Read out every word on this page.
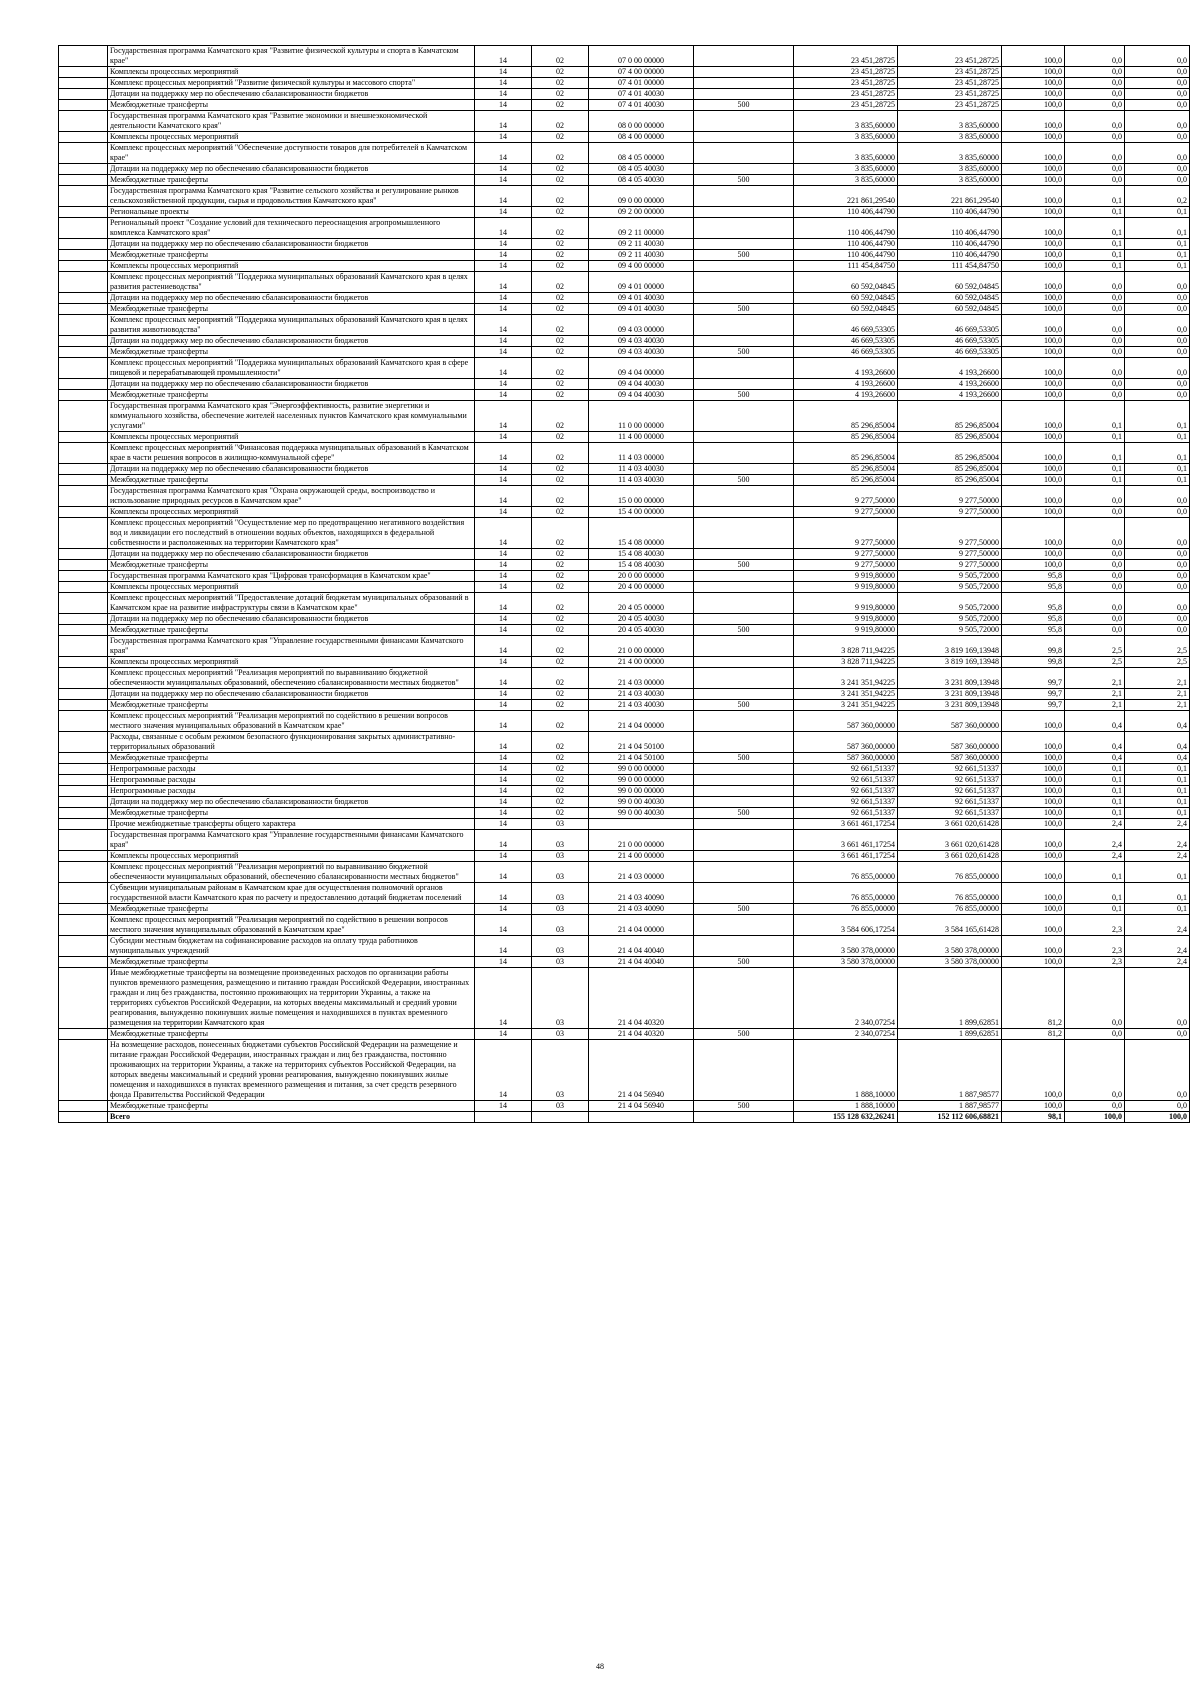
	Государственная программа Камчатского края "Развитие физической культуры и спорта в Камчатском крае"	14	02	07 0 00 00000		23 451,28725	23 451,28725	100,0	0,0	0,0
	Комплексы процессных мероприятий	14	02	07 4 00 00000		23 451,28725	23 451,28725	100,0	0,0	0,0
	Комплекс процессных мероприятий "Развитие физической культуры и массового спорта"	14	02	07 4 01 00000		23 451,28725	23 451,28725	100,0	0,0	0,0
	Дотации на поддержку мер по обеспечению сбалансированности бюджетов	14	02	07 4 01 40030		23 451,28725	23 451,28725	100,0	0,0	0,0
	Межбюджетные трансферты	14	02	07 4 01 40030	500	23 451,28725	23 451,28725	100,0	0,0	0,0
	Государственная программа Камчатского края "Развитие экономики и внешнеэкономической деятельности Камчатского края"	14	02	08 0 00 00000		3 835,60000	3 835,60000	100,0	0,0	0,0
	Комплексы процессных мероприятий	14	02	08 4 00 00000		3 835,60000	3 835,60000	100,0	0,0	0,0
	Комплекс процессных мероприятий "Обеспечение доступности товаров для потребителей в Камчатском крае"	14	02	08 4 05 00000		3 835,60000	3 835,60000	100,0	0,0	0,0
	Дотации на поддержку мер по обеспечению сбалансированности бюджетов	14	02	08 4 05 40030		3 835,60000	3 835,60000	100,0	0,0	0,0
	Межбюджетные трансферты	14	02	08 4 05 40030	500	3 835,60000	3 835,60000	100,0	0,0	0,0
	Государственная программа Камчатского края "Развитие сельского хозяйства и регулирование рынков сельскохозяйственной продукции, сырья и продовольствия Камчатского края"	14	02	09 0 00 00000		221 861,29540	221 861,29540	100,0	0,1	0,2
	Региональные проекты	14	02	09 2 00 00000		110 406,44790	110 406,44790	100,0	0,1	0,1
	Региональный проект "Создание условий для технического переоснащения агропромышленного комплекса Камчатского края"	14	02	09 2 11 00000		110 406,44790	110 406,44790	100,0	0,1	0,1
	Дотации на поддержку мер по обеспечению сбалансированности бюджетов	14	02	09 2 11 40030		110 406,44790	110 406,44790	100,0	0,1	0,1
	Межбюджетные трансферты	14	02	09 2 11 40030	500	110 406,44790	110 406,44790	100,0	0,1	0,1
	Комплексы процессных мероприятий	14	02	09 4 00 00000		111 454,84750	111 454,84750	100,0	0,1	0,1
	Комплекс процессных мероприятий "Поддержка муниципальных образований Камчатского края в целях развития растениеводства"	14	02	09 4 01 00000		60 592,04845	60 592,04845	100,0	0,0	0,0
	Дотации на поддержку мер по обеспечению сбалансированности бюджетов	14	02	09 4 01 40030		60 592,04845	60 592,04845	100,0	0,0	0,0
	Межбюджетные трансферты	14	02	09 4 01 40030	500	60 592,04845	60 592,04845	100,0	0,0	0,0
	Комплекс процессных мероприятий "Поддержка муниципальных образований Камчатского края в целях развития животноводства"	14	02	09 4 03 00000		46 669,53305	46 669,53305	100,0	0,0	0,0
	Дотации на поддержку мер по обеспечению сбалансированности бюджетов	14	02	09 4 03 40030		46 669,53305	46 669,53305	100,0	0,0	0,0
	Межбюджетные трансферты	14	02	09 4 03 40030	500	46 669,53305	46 669,53305	100,0	0,0	0,0
	Комплекс процессных мероприятий "Поддержка муниципальных образований Камчатского края в сфере пищевой и перерабатывающей промышленности"	14	02	09 4 04 00000		4 193,26600	4 193,26600	100,0	0,0	0,0
	Дотации на поддержку мер по обеспечению сбалансированности бюджетов	14	02	09 4 04 40030		4 193,26600	4 193,26600	100,0	0,0	0,0
	Межбюджетные трансферты	14	02	09 4 04 40030	500	4 193,26600	4 193,26600	100,0	0,0	0,0
	Государственная программа Камчатского края "Энергоэффективность, развитие энергетики и коммунального хозяйства, обеспечение жителей населенных пунктов Камчатского края коммунальными услугами"	14	02	11 0 00 00000		85 296,85004	85 296,85004	100,0	0,1	0,1
	Комплексы процессных мероприятий	14	02	11 4 00 00000		85 296,85004	85 296,85004	100,0	0,1	0,1
	Комплекс процессных мероприятий "Финансовая поддержка муниципальных образований в Камчатском крае в части решения вопросов в жилищно-коммунальной сфере"	14	02	11 4 03 00000		85 296,85004	85 296,85004	100,0	0,1	0,1
	Дотации на поддержку мер по обеспечению сбалансированности бюджетов	14	02	11 4 03 40030		85 296,85004	85 296,85004	100,0	0,1	0,1
	Межбюджетные трансферты	14	02	11 4 03 40030	500	85 296,85004	85 296,85004	100,0	0,1	0,1
	Государственная программа Камчатского края "Охрана окружающей среды, воспроизводство и использование природных ресурсов в Камчатском крае"	14	02	15 0 00 00000		9 277,50000	9 277,50000	100,0	0,0	0,0
	Комплексы процессных мероприятий	14	02	15 4 00 00000		9 277,50000	9 277,50000	100,0	0,0	0,0
	Комплекс процессных мероприятий "Осуществление мер по предотвращению негативного воздействия вод и ликвидации его последствий в отношении водных объектов, находящихся в федеральной собственности и расположенных на территории Камчатского края"	14	02	15 4 08 00000		9 277,50000	9 277,50000	100,0	0,0	0,0
	Дотации на поддержку мер по обеспечению сбалансированности бюджетов	14	02	15 4 08 40030		9 277,50000	9 277,50000	100,0	0,0	0,0
	Межбюджетные трансферты	14	02	15 4 08 40030	500	9 277,50000	9 277,50000	100,0	0,0	0,0
	Государственная программа Камчатского края "Цифровая трансформация в Камчатском крае"	14	02	20 0 00 00000		9 919,80000	9 505,72000	95,8	0,0	0,0
	Комплексы процессных мероприятий	14	02	20 4 00 00000		9 919,80000	9 505,72000	95,8	0,0	0,0
	Комплекс процессных мероприятий "Предоставление дотаций бюджетам муниципальных образований в Камчатском крае на развитие инфраструктуры связи в Камчатском крае"	14	02	20 4 05 00000		9 919,80000	9 505,72000	95,8	0,0	0,0
	Дотации на поддержку мер по обеспечению сбалансированности бюджетов	14	02	20 4 05 40030		9 919,80000	9 505,72000	95,8	0,0	0,0
	Межбюджетные трансферты	14	02	20 4 05 40030	500	9 919,80000	9 505,72000	95,8	0,0	0,0
	Государственная программа Камчатского края "Управление государственными финансами Камчатского края"	14	02	21 0 00 00000		3 828 711,94225	3 819 169,13948	99,8	2,5	2,5
	Комплексы процессных мероприятий	14	02	21 4 00 00000		3 828 711,94225	3 819 169,13948	99,8	2,5	2,5
	Комплекс процессных мероприятий "Реализация мероприятий по выравниванию бюджетной обеспеченности муниципальных образований, обеспечению сбалансированности местных бюджетов"	14	02	21 4 03 00000		3 241 351,94225	3 231 809,13948	99,7	2,1	2,1
	Дотации на поддержку мер по обеспечению сбалансированности бюджетов	14	02	21 4 03 40030		3 241 351,94225	3 231 809,13948	99,7	2,1	2,1
	Межбюджетные трансферты	14	02	21 4 03 40030	500	3 241 351,94225	3 231 809,13948	99,7	2,1	2,1
	Комплекс процессных мероприятий "Реализация мероприятий по содействию в решении вопросов местного значения муниципальных образований в Камчатском крае"	14	02	21 4 04 00000		587 360,00000	587 360,00000	100,0	0,4	0,4
	Расходы, связанные с особым режимом безопасного функционирования закрытых административно-территориальных образований	14	02	21 4 04 50100		587 360,00000	587 360,00000	100,0	0,4	0,4
	Межбюджетные трансферты	14	02	21 4 04 50100	500	587 360,00000	587 360,00000	100,0	0,4	0,4
	Непрограммные расходы	14	02	99 0 00 00000		92 661,51337	92 661,51337	100,0	0,1	0,1
	Непрограммные расходы	14	02	99 0 00 00000		92 661,51337	92 661,51337	100,0	0,1	0,1
	Непрограммные расходы	14	02	99 0 00 00000		92 661,51337	92 661,51337	100,0	0,1	0,1
	Дотации на поддержку мер по обеспечению сбалансированности бюджетов	14	02	99 0 00 40030		92 661,51337	92 661,51337	100,0	0,1	0,1
	Межбюджетные трансферты	14	02	99 0 00 40030	500	92 661,51337	92 661,51337	100,0	0,1	0,1
	Прочие межбюджетные трансферты общего характера	14	03			3 661 461,17254	3 661 020,61428	100,0	2,4	2,4
	Государственная программа Камчатского края "Управление государственными финансами Камчатского края"	14	03	21 0 00 00000		3 661 461,17254	3 661 020,61428	100,0	2,4	2,4
	Комплексы процессных мероприятий	14	03	21 4 00 00000		3 661 461,17254	3 661 020,61428	100,0	2,4	2,4
	Комплекс процессных мероприятий "Реализация мероприятий по выравниванию бюджетной обеспеченности муниципальных образований, обеспечению сбалансированности местных бюджетов"	14	03	21 4 03 00000		76 855,00000	76 855,00000	100,0	0,1	0,1
	Субвенции муниципальным районам в Камчатском крае для осуществления полномочий органов государственной власти Камчатского края по расчету и предоставлению дотаций бюджетам поселений	14	03	21 4 03 40090		76 855,00000	76 855,00000	100,0	0,1	0,1
	Межбюджетные трансферты	14	03	21 4 03 40090	500	76 855,00000	76 855,00000	100,0	0,1	0,1
	Комплекс процессных мероприятий "Реализация мероприятий по содействию в решении вопросов местного значения муниципальных образований в Камчатском крае"	14	03	21 4 04 00000		3 584 606,17254	3 584 165,61428	100,0	2,3	2,4
	Субсидии местным бюджетам на софинансирование расходов на оплату труда работников муниципальных учреждений	14	03	21 4 04 40040		3 580 378,00000	3 580 378,00000	100,0	2,3	2,4
	Межбюджетные трансферты	14	03	21 4 04 40040	500	3 580 378,00000	3 580 378,00000	100,0	2,3	2,4
	Иные межбюджетные трансферты на возмещение произведенных расходов по организации работы пунктов временного размещения, размещению и питанию граждан Российской Федерации, иностранных граждан и лиц без гражданства, постоянно проживающих на территории Украины, а также на территориях субъектов Российской Федерации, на которых введены максимальный и средний уровни реагирования, вынужденно покинувших жилые помещения и находившихся в пунктах временного размещения на территории Камчатского края	14	03	21 4 04 40320		2 340,07254	1 899,62851	81,2	0,0	0,0
	Межбюджетные трансферты	14	03	21 4 04 40320	500	2 340,07254	1 899,62851	81,2	0,0	0,0
	На возмещение расходов, понесенных бюджетами субъектов Российской Федерации на размещение и питание граждан Российской Федерации, иностранных граждан и лиц без гражданства, постоянно проживающих на территории Украины, а также на территориях субъектов Российской Федерации, на которых введены максимальный и средний уровни реагирования, вынужденно покинувших жилые помещения и находившихся в пунктах временного размещения и питания, за счет средств резервного фонда Правительства Российской Федерации	14	03	21 4 04 56940		1 888,10000	1 887,98577	100,0	0,0	0,0
	Межбюджетные трансферты	14	03	21 4 04 56940	500	1 888,10000	1 887,98577	100,0	0,0	0,0
	Всего					155 128 632,26241	152 112 606,68821	98,1	100,0	100,0
48
